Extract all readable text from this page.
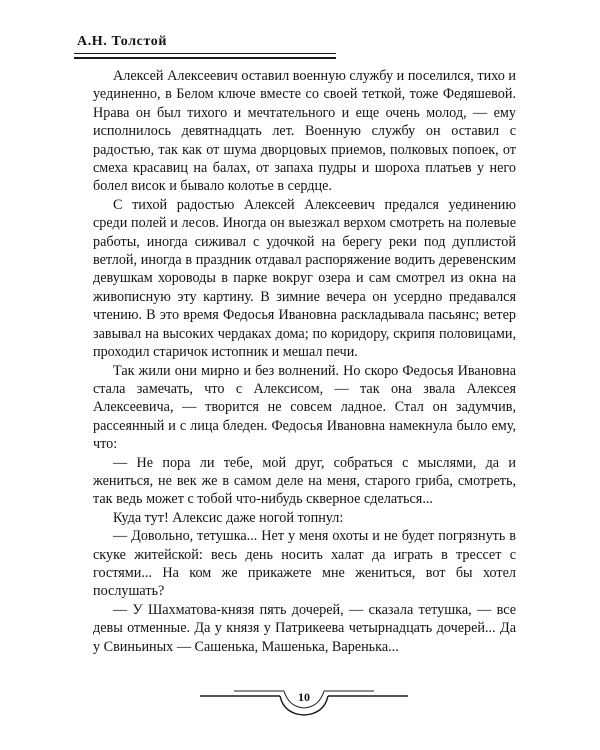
А.Н. Толстой

Алексей Алексеевич оставил военную службу и поселился, тихо и уединенно, в Белом ключе вместе со своей теткой, тоже Федяшевой. Нрава он был тихого и мечтательного и еще очень молод, — ему исполнилось девятнадцать лет. Военную службу он оставил с радостью, так как от шума дворцовых приемов, полковых попоек, от смеха красавиц на балах, от запаха пудры и шороха платьев у него болел висок и бывало колотье в сердце.

С тихой радостью Алексей Алексеевич предался уединению среди полей и лесов. Иногда он выезжал верхом смотреть на полевые работы, иногда сиживал с удочкой на берегу реки под дуплистой ветлой, иногда в праздник отдавал распоряжение водить деревенским девушкам хороводы в парке вокруг озера и сам смотрел из окна на живописную эту картину. В зимние вечера он усердно предавался чтению. В это время Федосья Ивановна раскладывала пасьянс; ветер завывал на высоких чердаках дома; по коридору, скрипя половицами, проходил старичок истопник и мешал печи.

Так жили они мирно и без волнений. Но скоро Федосья Ивановна стала замечать, что с Алексисом, — так она звала Алексея Алексеевича, — творится не совсем ладное. Стал он задумчив, рассеянный и с лица бледен. Федосья Ивановна намекнула было ему, что:

— Не пора ли тебе, мой друг, собраться с мыслями, да и жениться, не век же в самом деле на меня, старого гриба, смотреть, так ведь может с тобой что-нибудь скверное сделаться...

Куда тут! Алексис даже ногой топнул:

— Довольно, тетушка... Нет у меня охоты и не будет погрязнуть в скуке житейской: весь день носить халат да играть в трессет с гостями... На ком же прикажете мне жениться, вот бы хотел послушать?

— У Шахматова-князя пять дочерей, — сказала тетушка, — все девы отменные. Да у князя у Патрикеева четырнадцать дочерей... Да у Свиньиных — Сашенька, Машенька, Варенька...

10
